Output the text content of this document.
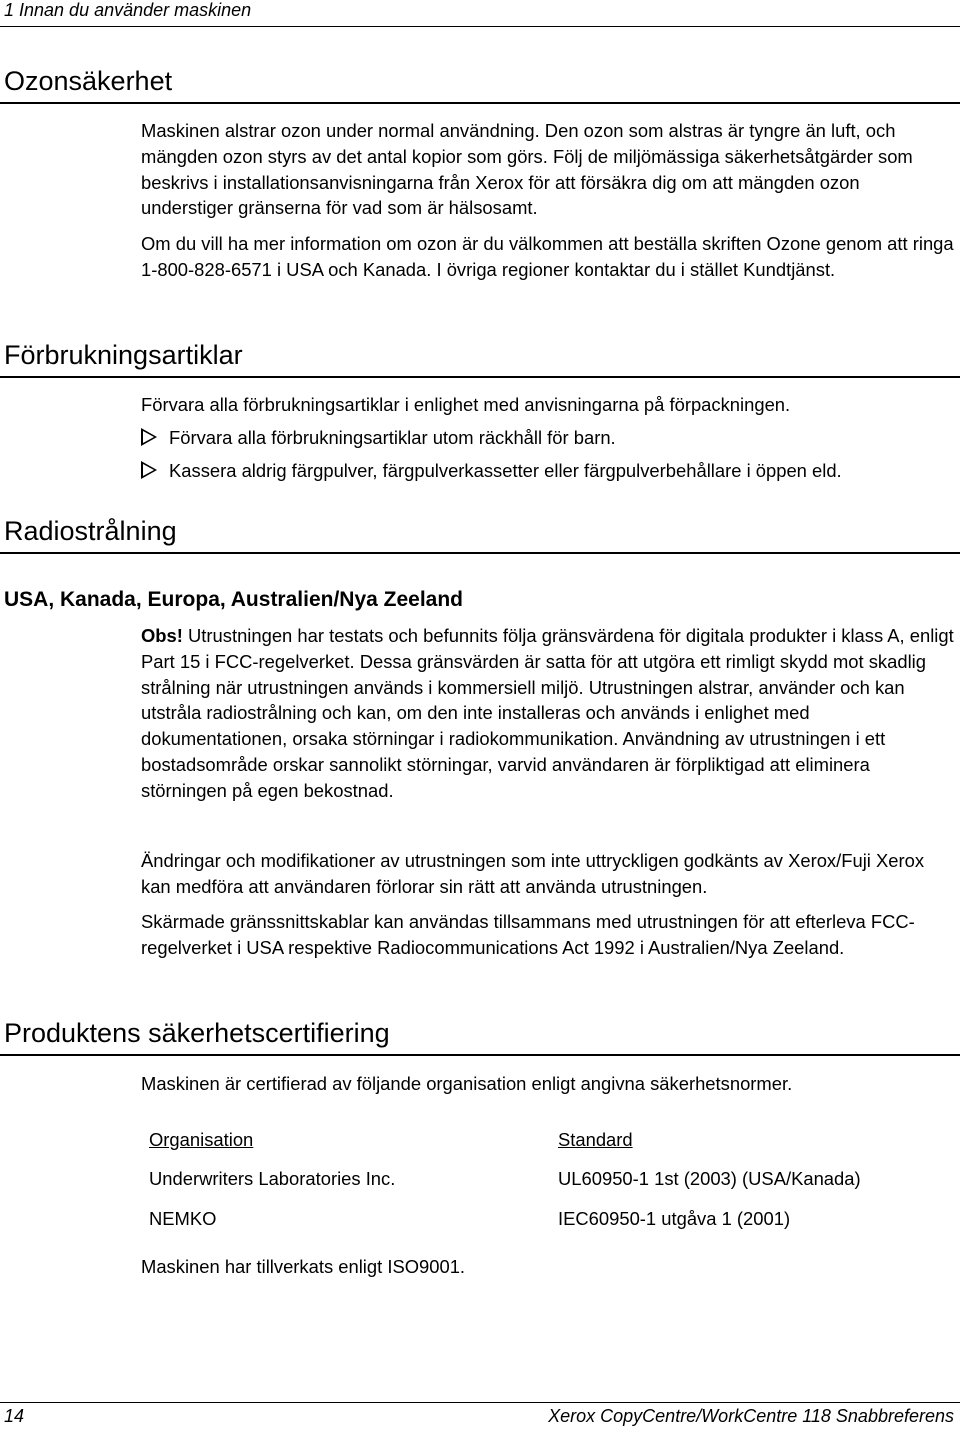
1 Innan du använder maskinen
Ozonsäkerhet
Maskinen alstrar ozon under normal användning. Den ozon som alstras är tyngre än luft, och mängden ozon styrs av det antal kopior som görs. Följ de miljömässiga säkerhetsåtgärder som beskrivs i installationsanvisningarna från Xerox för att försäkra dig om att mängden ozon understiger gränserna för vad som är hälsosamt.
Om du vill ha mer information om ozon är du välkommen att beställa skriften Ozone genom att ringa 1-800-828-6571 i USA och Kanada. I övriga regioner kontaktar du i stället Kundtjänst.
Förbrukningsartiklar
Förvara alla förbrukningsartiklar i enlighet med anvisningarna på förpackningen.
Förvara alla förbrukningsartiklar utom räckhåll för barn.
Kassera aldrig färgpulver, färgpulverkassetter eller färgpulverbehållare i öppen eld.
Radiostrålning
USA, Kanada, Europa, Australien/Nya Zeeland
Obs! Utrustningen har testats och befunnits följa gränsvärdena för digitala produkter i klass A, enligt Part 15 i FCC-regelverket. Dessa gränsvärden är satta för att utgöra ett rimligt skydd mot skadlig strålning när utrustningen används i kommersiell miljö. Utrustningen alstrar, använder och kan utstråla radiostrålning och kan, om den inte installeras och används i enlighet med dokumentationen, orsaka störningar i radiokommunikation. Användning av utrustningen i ett bostadsområde orskar sannolikt störningar, varvid användaren är förpliktigad att eliminera störningen på egen bekostnad.
Ändringar och modifikationer av utrustningen som inte uttryckligen godkänts av Xerox/Fuji Xerox kan medföra att användaren förlorar sin rätt att använda utrustningen.
Skärmade gränssnittskablar kan användas tillsammans med utrustningen för att efterleva FCC-regelverket i USA respektive Radiocommunications Act 1992 i Australien/Nya Zeeland.
Produktens säkerhetscertifiering
Maskinen är certifierad av följande organisation enligt angivna säkerhetsnormer.
Organisation	Standard
Underwriters Laboratories Inc.	UL60950-1 1st (2003) (USA/Kanada)
NEMKO	IEC60950-1 utgåva 1 (2001)
Maskinen har tillverkats enligt ISO9001.
14	Xerox CopyCentre/WorkCentre 118 Snabbreferens
